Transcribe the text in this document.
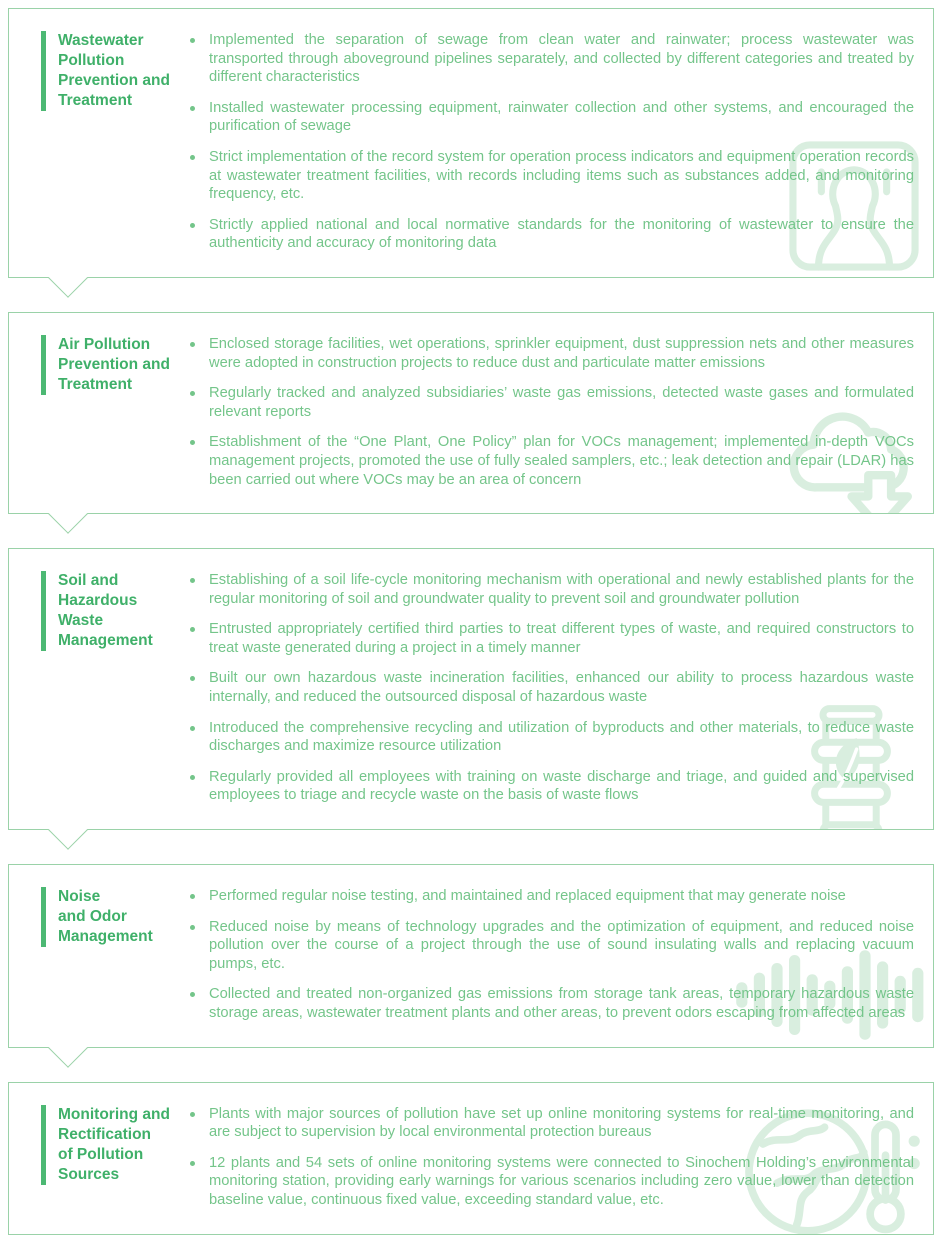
Wastewater
Pollution
Prevention and
Treatment
Implemented the separation of sewage from clean water and rainwater; process wastewater was transported through aboveground pipelines separately, and collected by different categories and treated by different characteristics
Installed wastewater processing equipment, rainwater collection and other systems, and encouraged the purification of sewage
Strict implementation of the record system for operation process indicators and equipment operation records at wastewater treatment facilities, with records including items such as substances added, and monitoring frequency, etc.
Strictly applied national and local normative standards for the monitoring of wastewater to ensure the authenticity and accuracy of monitoring data
Air Pollution
Prevention and
Treatment
Enclosed storage facilities, wet operations, sprinkler equipment, dust suppression nets and other measures were adopted in construction projects to reduce dust and particulate matter emissions
Regularly tracked and analyzed subsidiaries’ waste gas emissions, detected waste gases and formulated relevant reports
Establishment of the “One Plant, One Policy” plan for VOCs management; implemented in-depth VOCs management projects, promoted the use of fully sealed samplers, etc.; leak detection and repair (LDAR) has been carried out where VOCs may be an area of concern
Soil and
Hazardous
Waste
Management
Establishing of a soil life-cycle monitoring mechanism with operational and newly established plants for the regular monitoring of soil and groundwater quality to prevent soil and groundwater pollution
Entrusted appropriately certified third parties to treat different types of waste, and required constructors to treat waste generated during a project in a timely manner
Built our own hazardous waste incineration facilities, enhanced our ability to process hazardous waste internally, and reduced the outsourced disposal of hazardous waste
Introduced the comprehensive recycling and utilization of byproducts and other materials, to reduce waste discharges and maximize resource utilization
Regularly provided all employees with training on waste discharge and triage, and guided and supervised employees to triage and recycle waste on the basis of waste flows
Noise
and Odor
Management
Performed regular noise testing, and maintained and replaced equipment that may generate noise
Reduced noise by means of technology upgrades and the optimization of equipment, and reduced noise pollution over the course of a project through the use of sound insulating walls and replacing vacuum pumps, etc.
Collected and treated non-organized gas emissions from storage tank areas, temporary hazardous waste storage areas, wastewater treatment plants and other areas, to prevent odors escaping from affected areas
Monitoring and
Rectification
of Pollution
Sources
Plants with major sources of pollution have set up online monitoring systems for real-time monitoring, and are subject to supervision by local environmental protection bureaus
12 plants and 54 sets of online monitoring systems were connected to Sinochem Holding’s environmental monitoring station, providing early warnings for various scenarios including zero value, lower than detection baseline value, continuous fixed value, exceeding standard value, etc.
